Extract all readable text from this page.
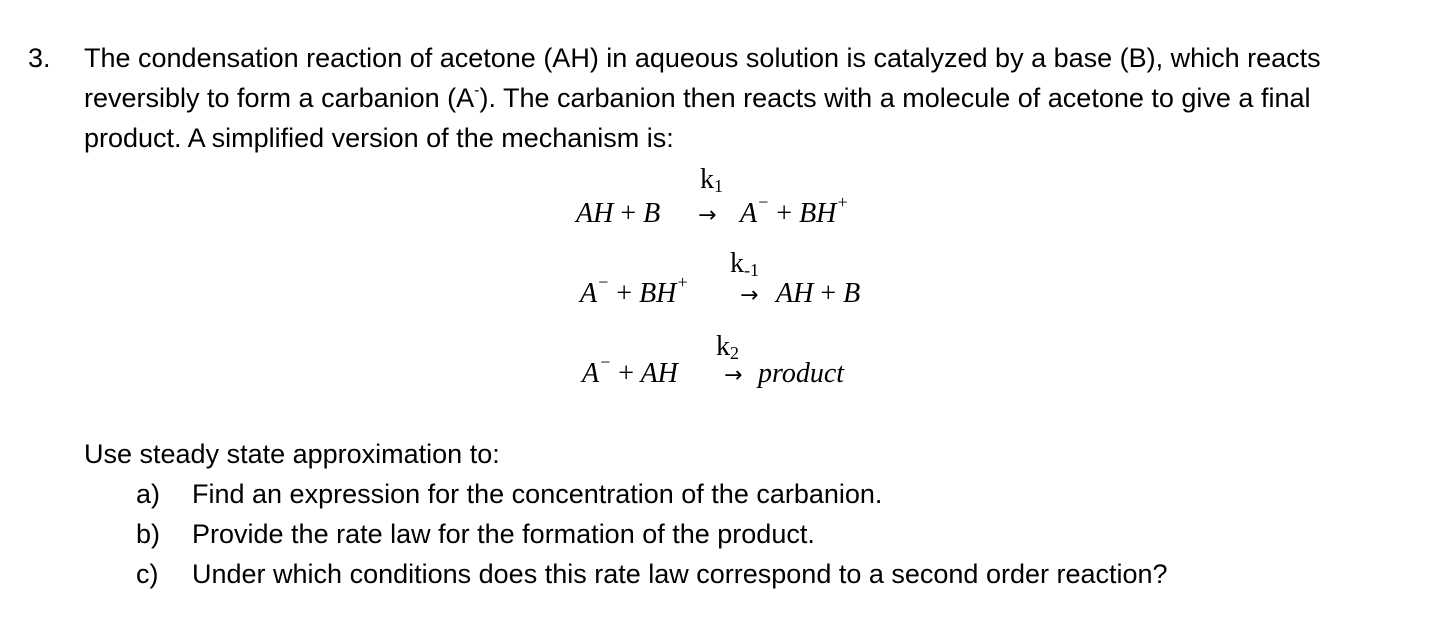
3. The condensation reaction of acetone (AH) in aqueous solution is catalyzed by a base (B), which reacts reversibly to form a carbanion (A-). The carbanion then reacts with a molecule of acetone to give a final product. A simplified version of the mechanism is:
k1
AH + B → A− + BH+
k-1
A− + BH+
→ AH + B
k2
A− + AH → product
Use steady state approximation to:
a) Find an expression for the concentration of the carbanion.
b) Provide the rate law for the formation of the product.
c) Under which conditions does this rate law correspond to a second order reaction?
